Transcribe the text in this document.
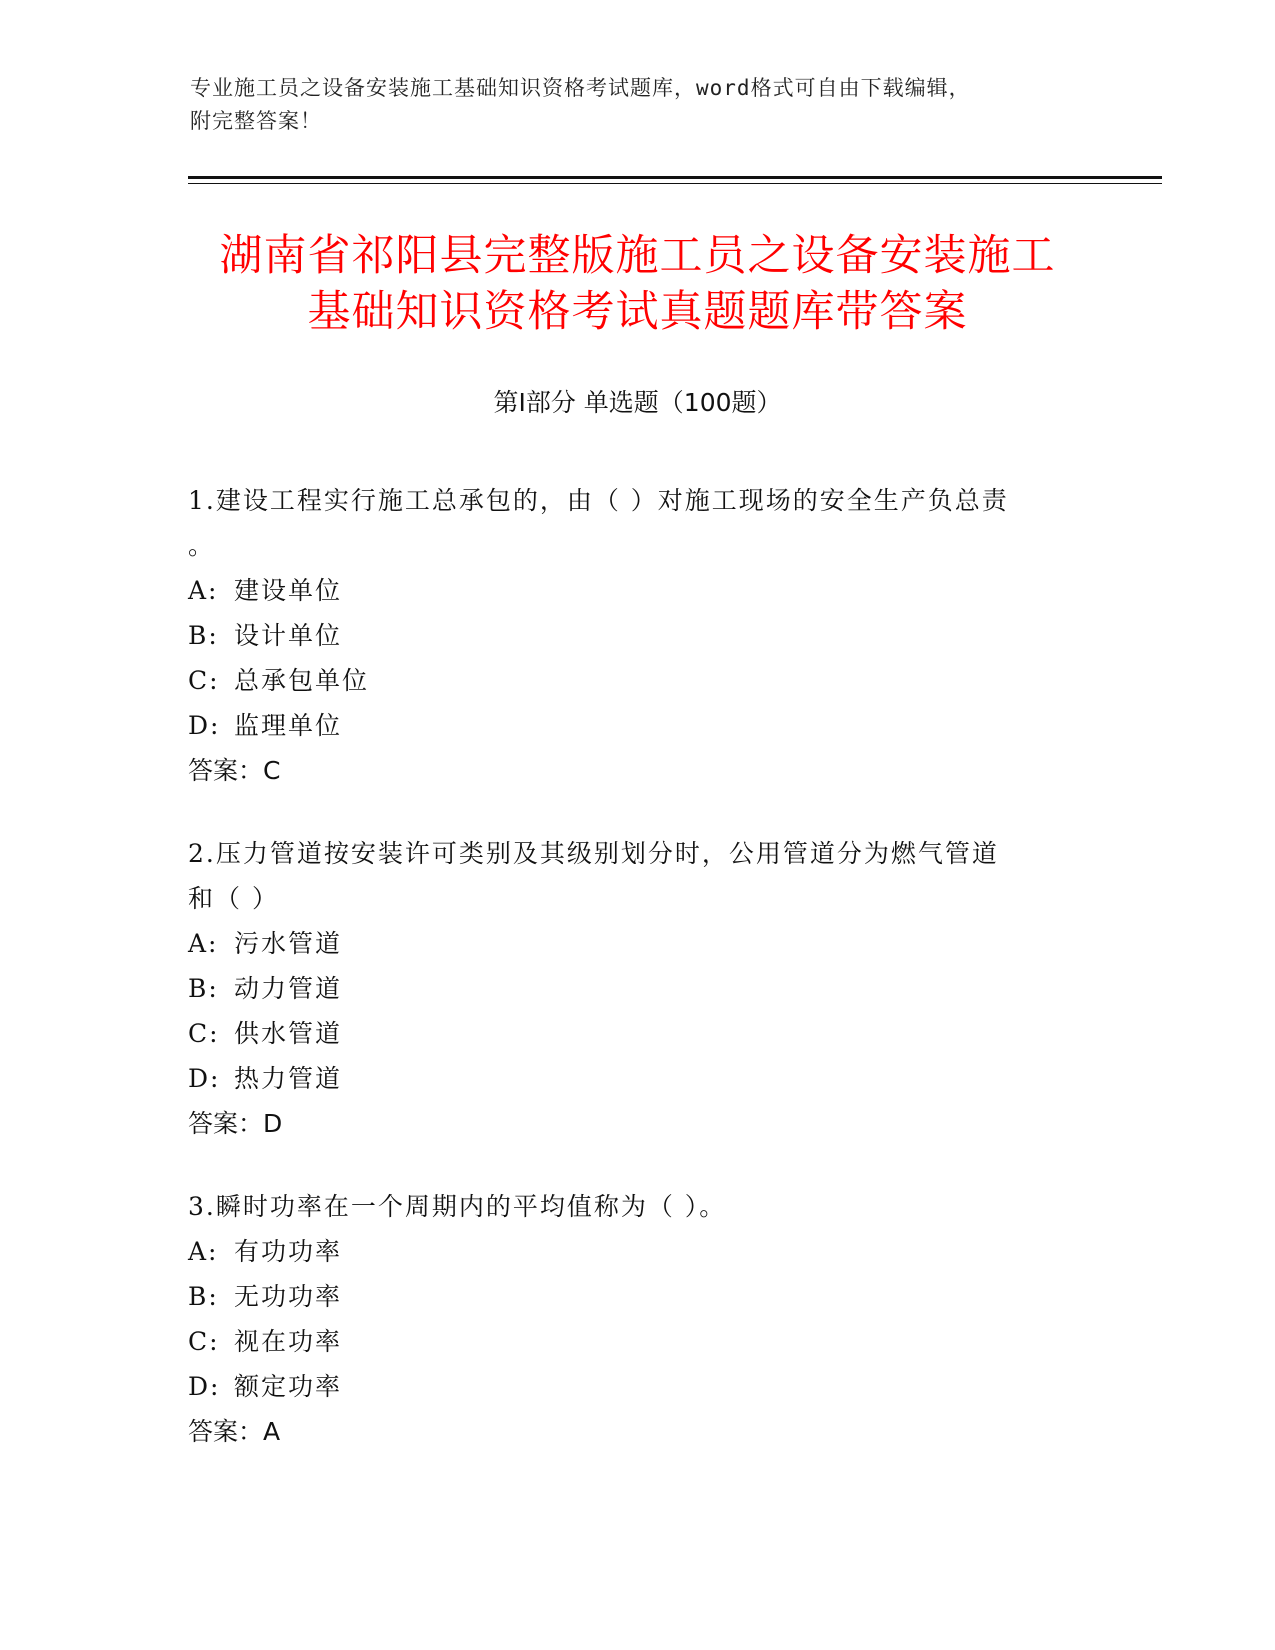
专业施工员之设备安装施工基础知识资格考试题库，word格式可自由下载编辑，
附完整答案！
湖南省祁阳县完整版施工员之设备安装施工
基础知识资格考试真题题库带答案
第Ⅰ部分 单选题（100题）
1.建设工程实行施工总承包的，由（ ）对施工现场的安全生产负总责
。
A: 建设单位
B: 设计单位
C: 总承包单位
D: 监理单位
答案：C
2.压力管道按安装许可类别及其级别划分时，公用管道分为燃气管道
和（ ）
A: 污水管道
B: 动力管道
C: 供水管道
D: 热力管道
答案：D
3.瞬时功率在一个周期内的平均值称为（ ）。
A: 有功功率
B: 无功功率
C: 视在功率
D: 额定功率
答案：A
